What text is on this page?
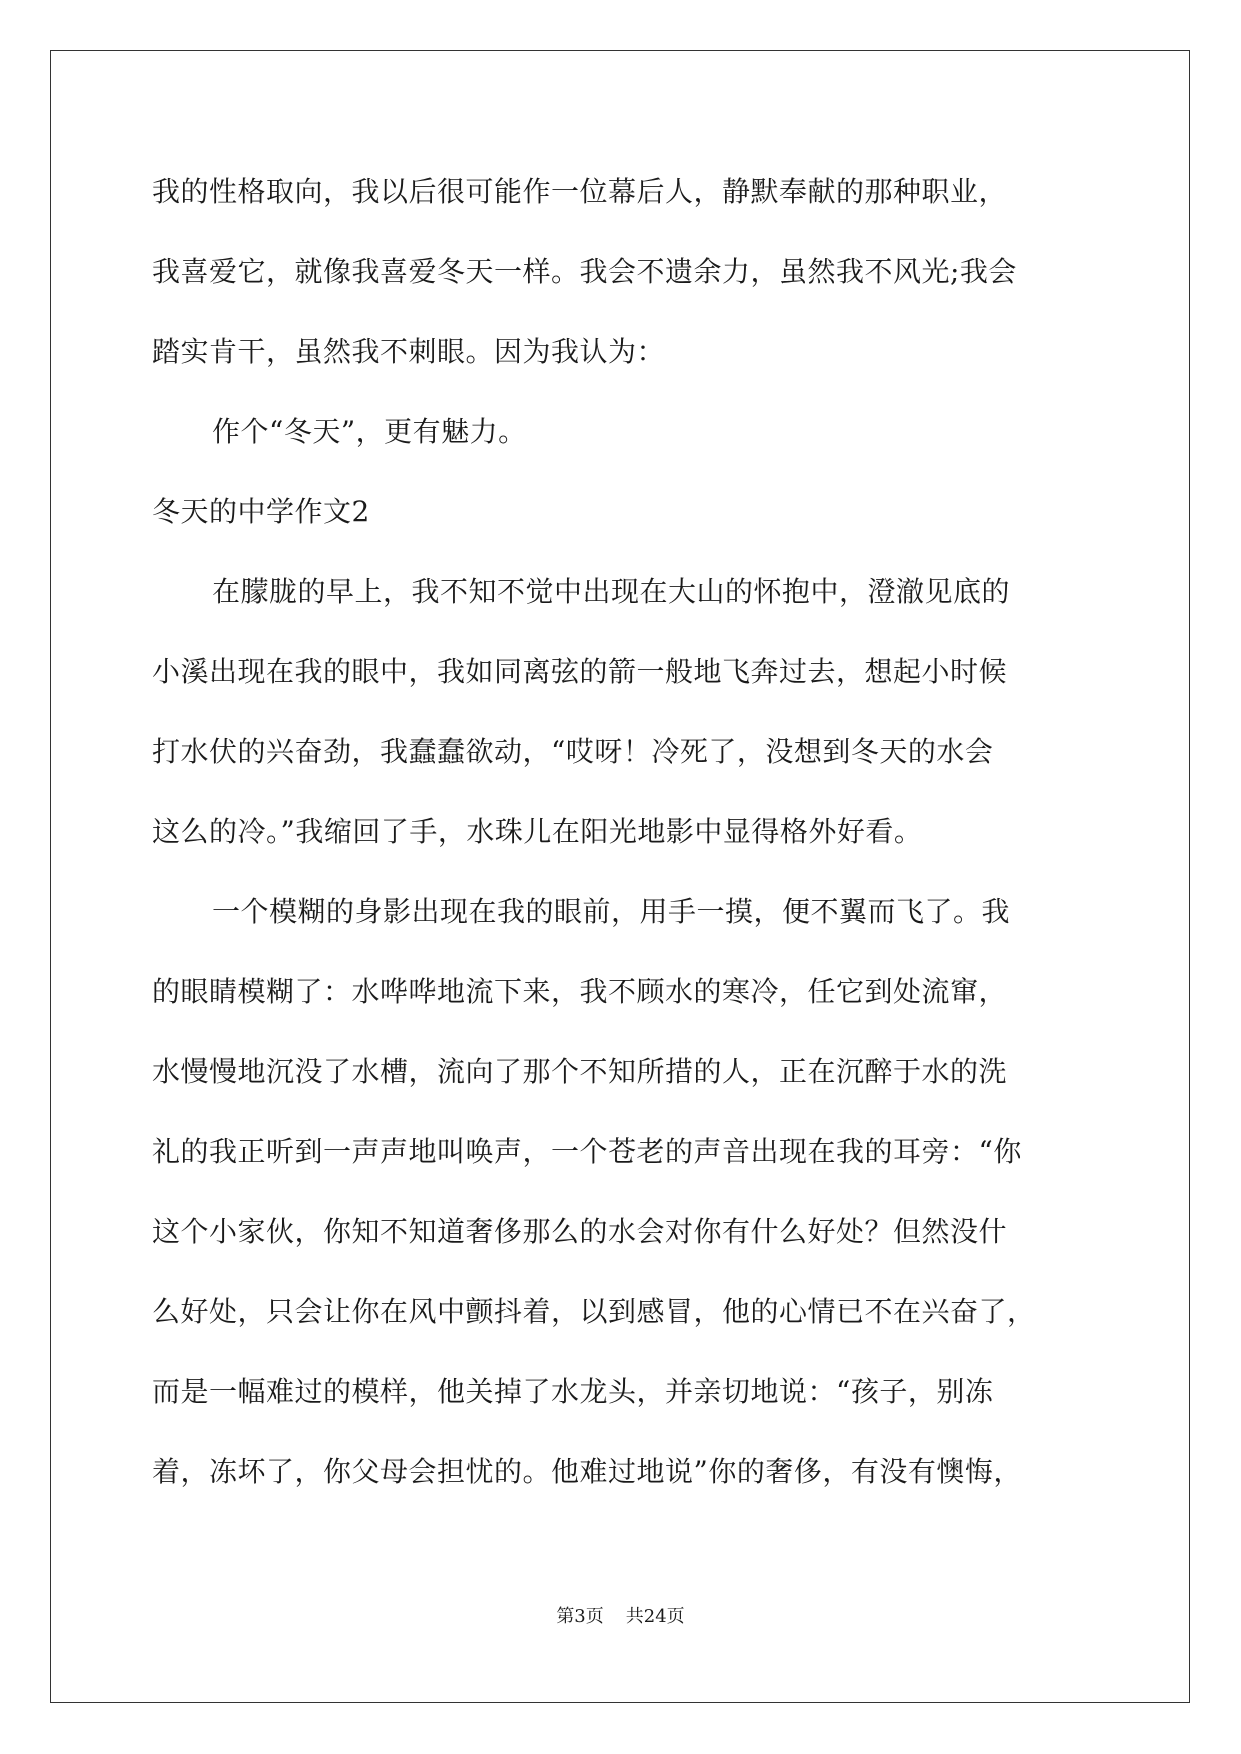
我的性格取向，我以后很可能作一位幕后人，静默奉献的那种职业，
我喜爱它，就像我喜爱冬天一样。我会不遗余力，虽然我不风光;我会
踏实肯干，虽然我不刺眼。因为我认为：
作个“冬天”，更有魅力。
冬天的中学作文2
在朦胧的早上，我不知不觉中出现在大山的怀抱中，澄澈见底的
小溪出现在我的眼中，我如同离弦的箭一般地飞奔过去，想起小时候
打水伏的兴奋劲，我蠢蠢欲动，“哎呀！冷死了，没想到冬天的水会
这么的冷。”我缩回了手，水珠儿在阳光地影中显得格外好看。
一个模糊的身影出现在我的眼前，用手一摸，便不翼而飞了。我
的眼睛模糊了：水哗哗地流下来，我不顾水的寒冷，任它到处流窜，
水慢慢地沉没了水槽，流向了那个不知所措的人，正在沉醉于水的洗
礼的我正听到一声声地叫唤声，一个苍老的声音出现在我的耳旁：“你
这个小家伙，你知不知道奢侈那么的水会对你有什么好处？但然没什
么好处，只会让你在风中颤抖着，以到感冒，他的心情已不在兴奋了，
而是一幅难过的模样，他关掉了水龙头，并亲切地说：“孩子，别冻
着，冻坏了，你父母会担忧的。他难过地说”你的奢侈，有没有懊悔，
第3页 共24页
